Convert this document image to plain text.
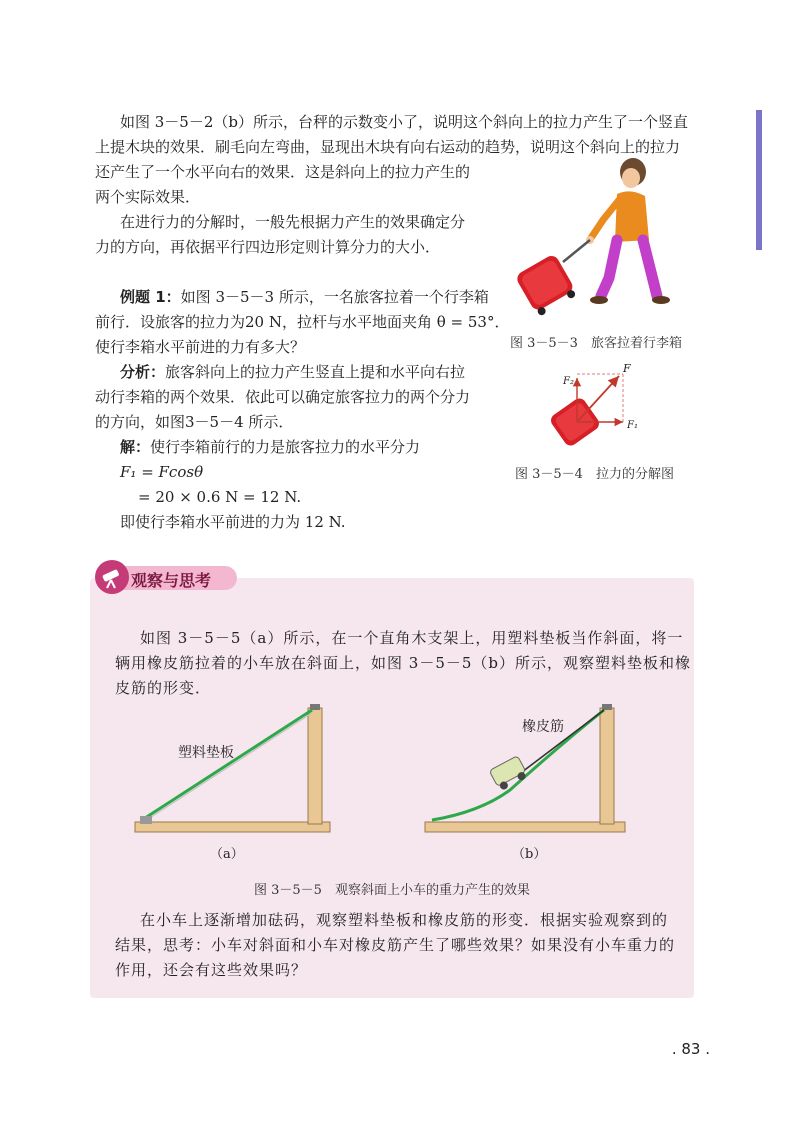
如图 3－5－2（b）所示，台秤的示数变小了，说明这个斜向上的拉力产生了一个竖直
上提木块的效果．刷毛向左弯曲，显现出木块有向右运动的趋势，说明这个斜向上的拉力
还产生了一个水平向右的效果．这是斜向上的拉力产生的
两个实际效果．
在进行力的分解时，一般先根据力产生的效果确定分
力的方向，再依据平行四边形定则计算分力的大小．
例题 1：如图 3－5－3 所示，一名旅客拉着一个行李箱
前行．设旅客的拉力为20 N，拉杆与水平地面夹角 θ = 53°．
使行李箱水平前进的力有多大？
分析：旅客斜向上的拉力产生竖直上提和水平向右拉
动行李箱的两个效果．依此可以确定旅客拉力的两个分力
的方向，如图3－5－4 所示．
解：使行李箱前行的力是旅客拉力的水平分力
F₁ = Fcosθ
= 20 × 0.6 N = 12 N.
即使行李箱水平前进的力为 12 N.
图 3－5－3　旅客拉着行李箱
F
F₂
F₁
图 3－5－4　拉力的分解图
观察与思考
如图 3－5－5（a）所示，在一个直角木支架上，用塑料垫板当作斜面，将一
辆用橡皮筋拉着的小车放在斜面上，如图 3－5－5（b）所示，观察塑料垫板和橡
皮筋的形变．
塑料垫板
（a）
橡皮筋
（b）
图 3－5－5　观察斜面上小车的重力产生的效果
在小车上逐渐增加砝码，观察塑料垫板和橡皮筋的形变．根据实验观察到的
结果，思考：小车对斜面和小车对橡皮筋产生了哪些效果？如果没有小车重力的
作用，还会有这些效果吗？
. 83 .
